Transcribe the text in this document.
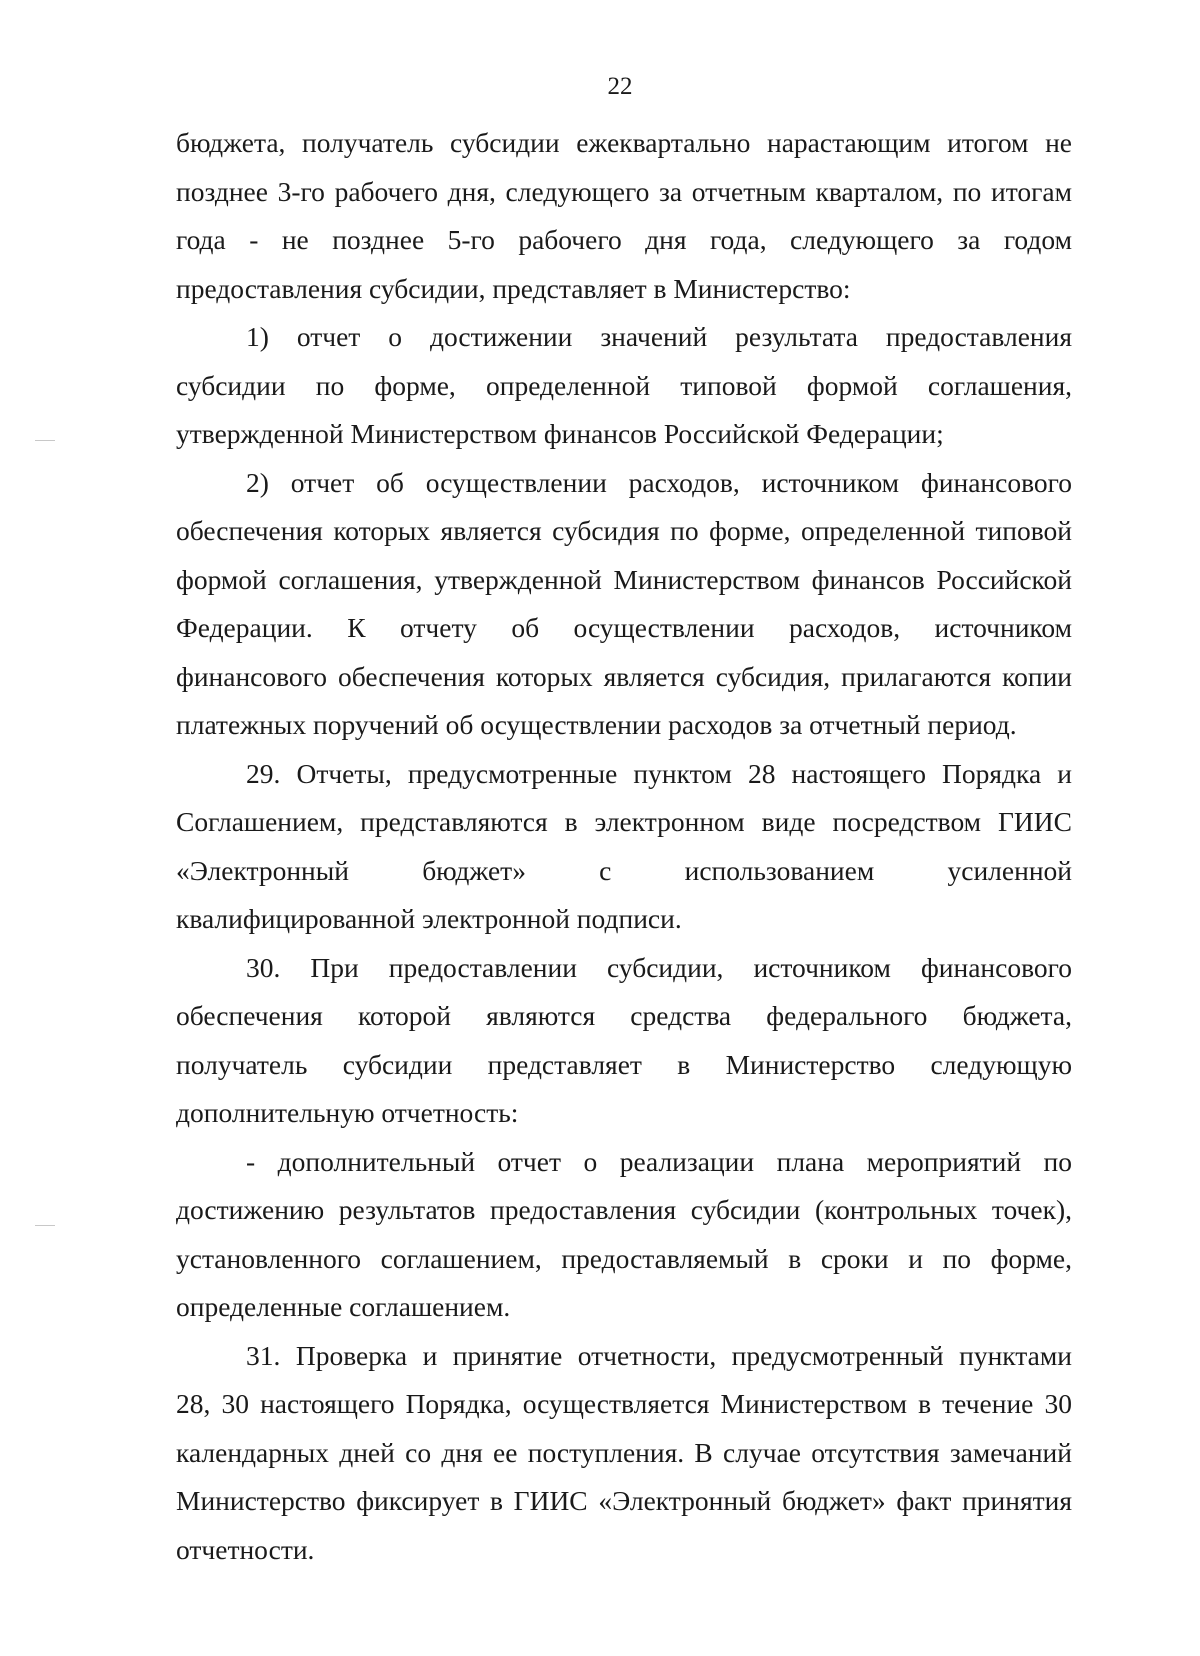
22
бюджета, получатель субсидии ежеквартально нарастающим итогом не
позднее 3-го рабочего дня, следующего за отчетным кварталом, по итогам
года - не позднее 5-го рабочего дня года, следующего за годом
предоставления субсидии, представляет в Министерство:
1) отчет о достижении значений результата предоставления
субсидии по форме, определенной типовой формой соглашения,
утвержденной Министерством финансов Российской Федерации;
2) отчет об осуществлении расходов, источником финансового
обеспечения которых является субсидия по форме, определенной типовой
формой соглашения, утвержденной Министерством финансов Российской
Федерации. К отчету об осуществлении расходов, источником
финансового обеспечения которых является субсидия, прилагаются копии
платежных поручений об осуществлении расходов за отчетный период.
29. Отчеты, предусмотренные пунктом 28 настоящего Порядка и
Соглашением, представляются в электронном виде посредством ГИИС
«Электронный бюджет» с использованием усиленной
квалифицированной электронной подписи.
30. При предоставлении субсидии, источником финансового
обеспечения которой являются средства федерального бюджета,
получатель субсидии представляет в Министерство следующую
дополнительную отчетность:
- дополнительный отчет о реализации плана мероприятий по
достижению результатов предоставления субсидии (контрольных точек),
установленного соглашением, предоставляемый в сроки и по форме,
определенные соглашением.
31. Проверка и принятие отчетности, предусмотренный пунктами
28, 30 настоящего Порядка, осуществляется Министерством в течение 30
календарных дней со дня ее поступления. В случае отсутствия замечаний
Министерство фиксирует в ГИИС «Электронный бюджет» факт принятия
отчетности.
